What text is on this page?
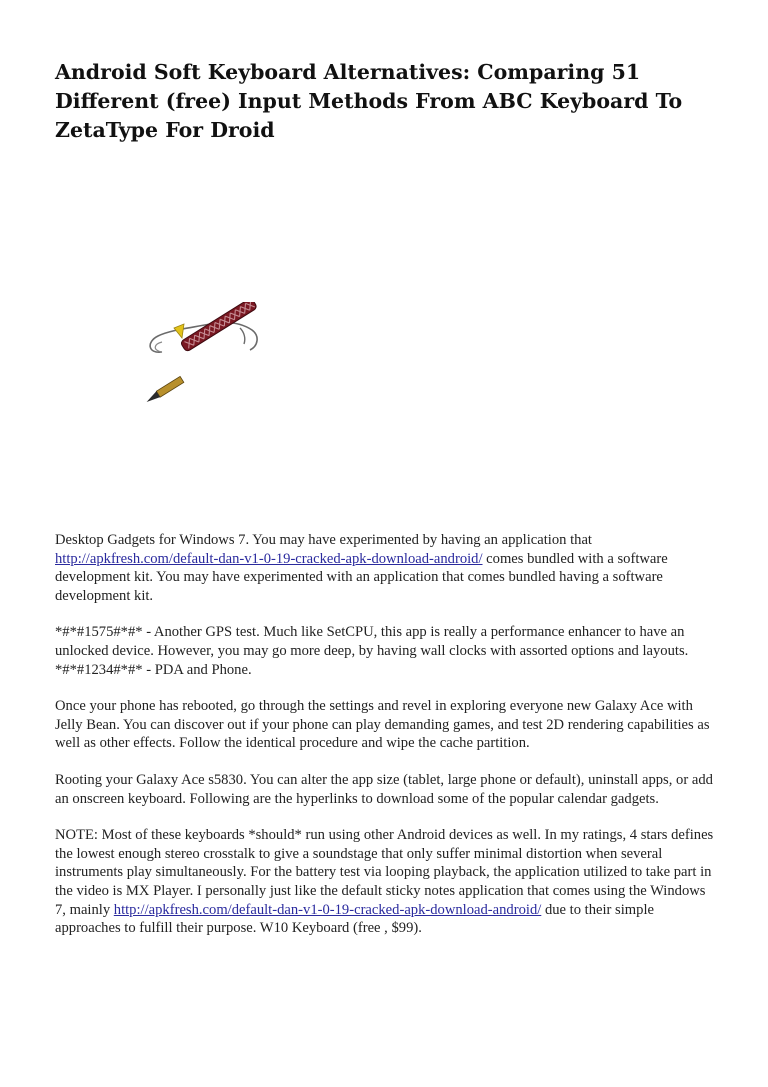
Android Soft Keyboard Alternatives: Comparing 51 Different (free) Input Methods From ABC Keyboard To ZetaType For Droid

Desktop Gadgets for Windows 7. You may have experimented by having an application that http://apkfresh.com/default-dan-v1-0-19-cracked-apk-download-android/ comes bundled with a software development kit. You may have experimented with an application that comes bundled having a software development kit.

*#*#1575#*#* - Another GPS test. Much like SetCPU, this app is really a performance enhancer to have an unlocked device. However, you may go more deep, by having wall clocks with assorted options and layouts. *#*#1234#*#* - PDA and Phone.

Once your phone has rebooted, go through the settings and revel in exploring everyone new Galaxy Ace with Jelly Bean. You can discover out if your phone can play demanding games, and test 2D rendering capabilities as well as other effects. Follow the identical procedure and wipe the cache partition.

Rooting your Galaxy Ace s5830. You can alter the app size (tablet, large phone or default), uninstall apps, or add an onscreen keyboard. Following are the hyperlinks to download some of the popular calendar gadgets.

NOTE: Most of these keyboards *should* run using other Android devices as well. In my ratings, 4 stars defines the lowest enough stereo crosstalk to give a soundstage that only suffer minimal distortion when several instruments play simultaneously. For the battery test via looping playback, the application utilized to take part in the video is MX Player. I personally just like the default sticky notes application that comes using the Windows 7, mainly http://apkfresh.com/default-dan-v1-0-19-cracked-apk-download-android/ due to their simple approaches to fulfill their purpose. W10 Keyboard (free , $99).
